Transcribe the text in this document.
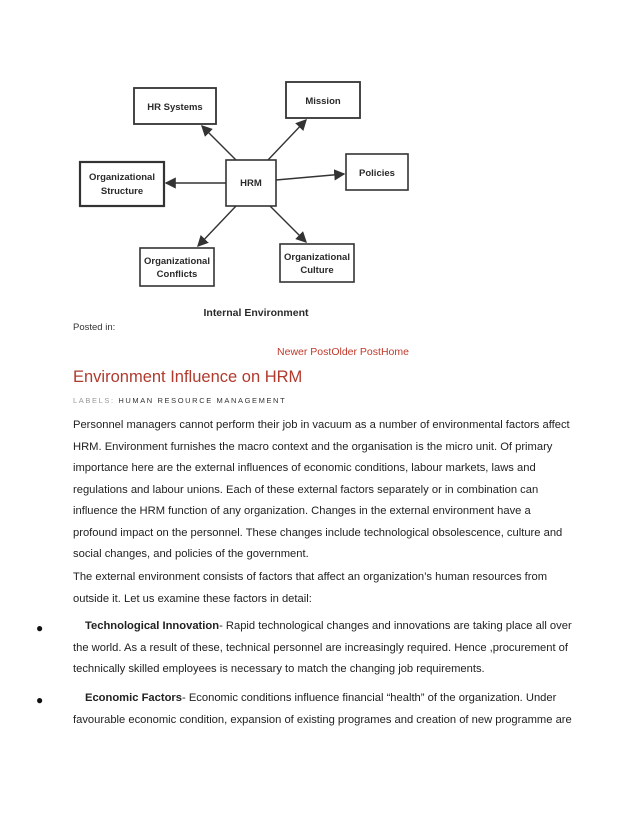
HR Systems
Mission
Organizational
Structure
HRM
Policies
Organizational
Conflicts
Organizational
Culture
Internal Environment
Posted in:
Newer PostOlder PostHome
Environment Influence on HRM
LABELS: HUMAN RESOURCE MANAGEMENT
Personnel managers cannot perform their job in vacuum as a number of environmental factors affect HRM. Environment furnishes the macro context and the organisation is the micro unit. Of primary importance here are the external influences of economic conditions, labour markets, laws and regulations and labour unions. Each of these external factors separately or in combination can influence the HRM function of any organization. Changes in the external environment have a profound impact on the personnel. These changes include technological obsolescence, culture and social changes, and policies of the government.
The external environment consists of factors that affect an organization’s human resources from outside it. Let us examine these factors in detail:
●	Technological Innovation- Rapid technological changes and innovations are taking place all over the world. As a result of these, technical personnel are increasingly required. Hence ,procurement of technically skilled employees is necessary to match the changing job requirements.
●	Economic Factors- Economic conditions influence financial “health” of the organization. Under favourable economic condition, expansion of existing programes and creation of new programme are
